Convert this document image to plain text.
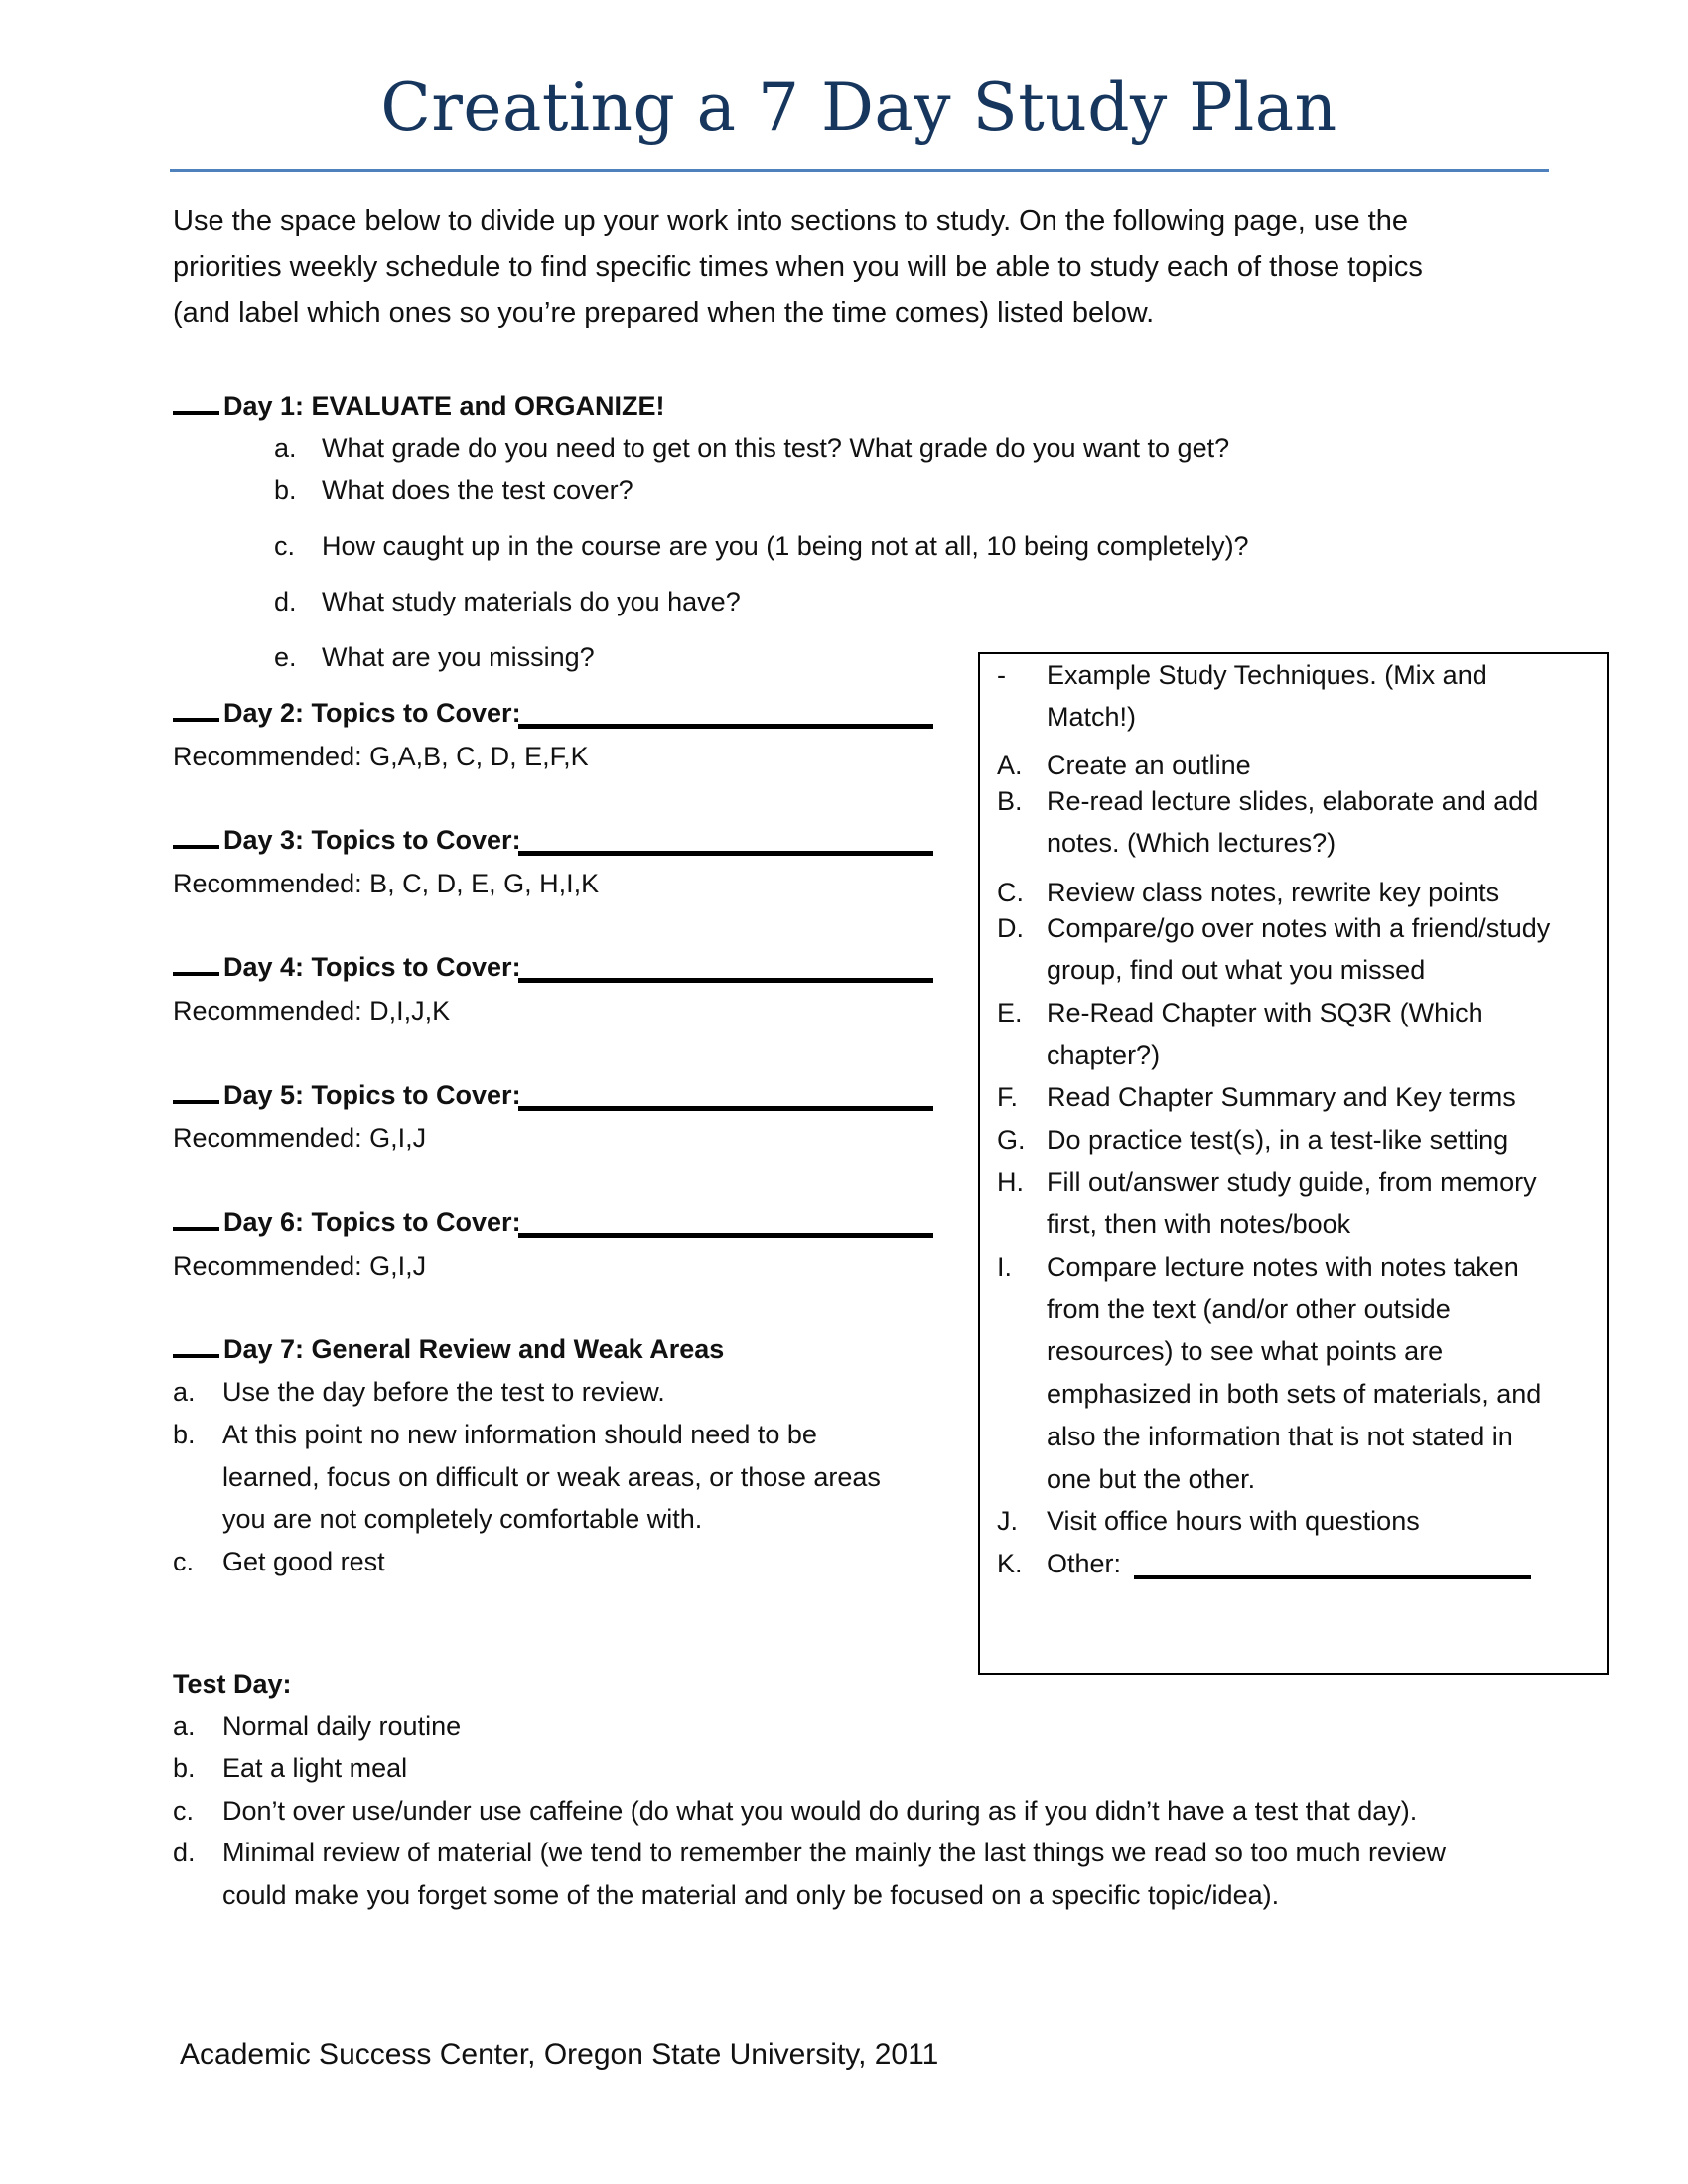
Creating a 7 Day Study Plan
Use the space below to divide up your work into sections to study. On the following page, use the
priorities weekly schedule to find specific times when you will be able to study each of those topics
(and label which ones so you’re prepared when the time comes) listed below.
Day 1: EVALUATE and ORGANIZE!
a. What grade do you need to get on this test? What grade do you want to get?
b. What does the test cover?
c. How caught up in the course are you (1 being not at all, 10 being completely)?
d. What study materials do you have?
e. What are you missing?
Day 2: Topics to Cover:
Recommended: G,A,B, C, D, E,F,K
Day 3: Topics to Cover:
Recommended: B, C, D, E, G, H,I,K
Day 4: Topics to Cover:
Recommended: D,I,J,K
Day 5: Topics to Cover:
Recommended: G,I,J
Day 6: Topics to Cover:
Recommended: G,I,J
Day 7: General Review and Weak Areas
a. Use the day before the test to review.
b. At this point no new information should need to be
learned, focus on difficult or weak areas, or those areas
you are not completely comfortable with.
c. Get good rest
- Example Study Techniques. (Mix and
Match!)
A. Create an outline
B. Re-read lecture slides, elaborate and add
notes. (Which lectures?)
C. Review class notes, rewrite key points
D. Compare/go over notes with a friend/study
group, find out what you missed
E. Re-Read Chapter with SQ3R (Which
chapter?)
F. Read Chapter Summary and Key terms
G. Do practice test(s), in a test-like setting
H. Fill out/answer study guide, from memory
first, then with notes/book
I. Compare lecture notes with notes taken
from the text (and/or other outside
resources) to see what points are
emphasized in both sets of materials, and
also the information that is not stated in
one but the other.
J. Visit office hours with questions
K. Other:
Test Day:
a. Normal daily routine
b. Eat a light meal
c. Don’t over use/under use caffeine (do what you would do during as if you didn’t have a test that day).
d. Minimal review of material (we tend to remember the mainly the last things we read so too much review
could make you forget some of the material and only be focused on a specific topic/idea).
Academic Success Center, Oregon State University, 2011
